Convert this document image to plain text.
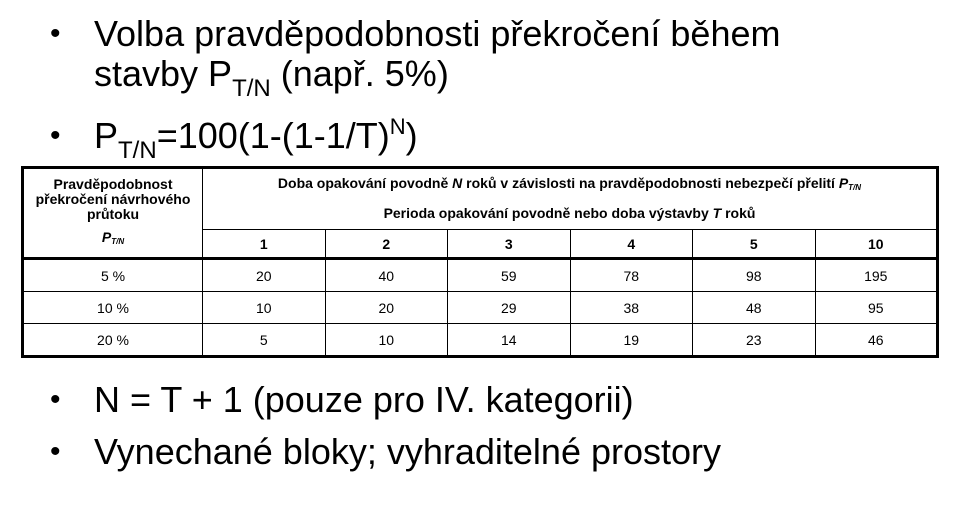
• Volba pravděpodobnosti překročení během
stavby $P_{T/N}$ (např. 5%)
• $P_{T/N}=100(1-(1-1/T)^N)$
Pravděpodobnost překročení návrhového průtoku
$P_{T/N}$	Doba opakování povodně N roků v závislosti na pravděpodobnosti nebezpečí přelití $P_{T/N}$
	Perioda opakování povodně nebo doba výstavby T roků					
	1	2	3	4	5	10
5 %	20	40	59	78	98	195
10 %	10	20	29	38	48	95
20 %	5	10	14	19	23	46
• N = T + 1 (pouze pro IV. kategorii)
• Vynechané bloky; vyhraditelné prostory
